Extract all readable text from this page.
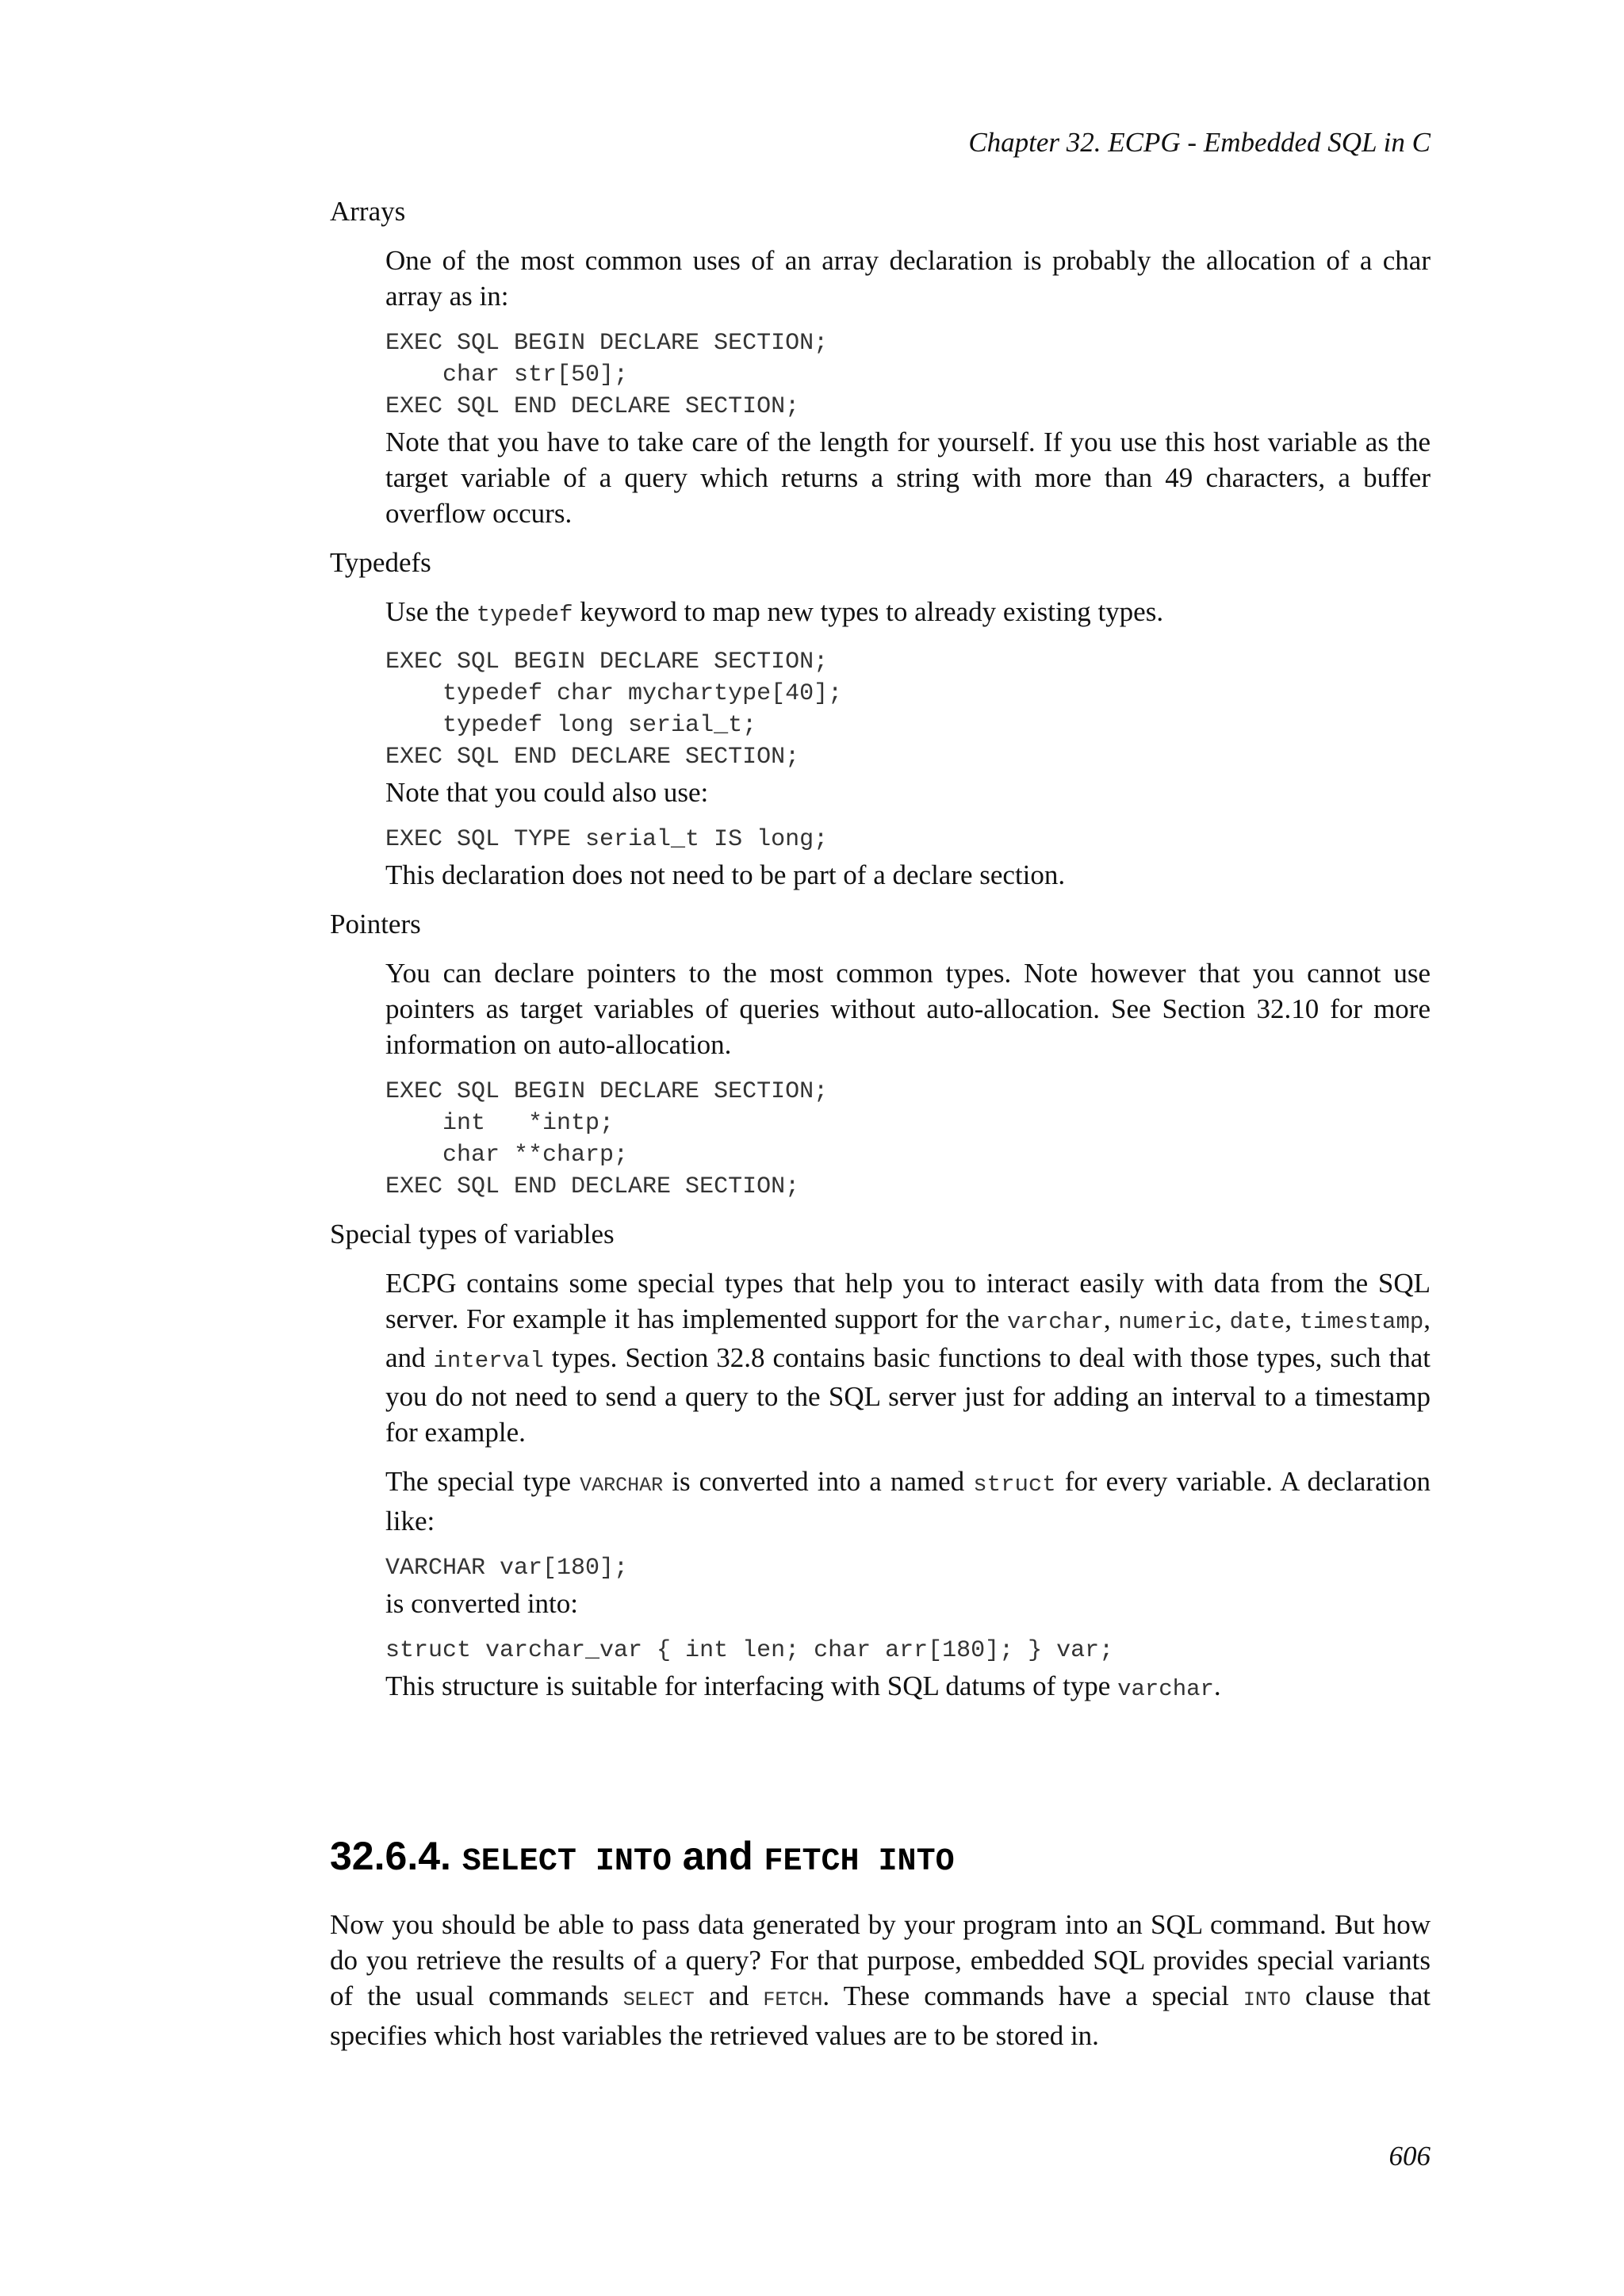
Chapter 32. ECPG - Embedded SQL in C
Arrays

One of the most common uses of an array declaration is probably the allocation of a char array as in:

EXEC SQL BEGIN DECLARE SECTION;
char str[50];
EXEC SQL END DECLARE SECTION;

Note that you have to take care of the length for yourself. If you use this host variable as the target variable of a query which returns a string with more than 49 characters, a buffer overflow occurs.

Typedefs

Use the typedef keyword to map new types to already existing types.

EXEC SQL BEGIN DECLARE SECTION;
typedef char mychartype[40];
typedef long serial_t;
EXEC SQL END DECLARE SECTION;

Note that you could also use:

EXEC SQL TYPE serial_t IS long;

This declaration does not need to be part of a declare section.

Pointers

You can declare pointers to the most common types. Note however that you cannot use pointers as target variables of queries without auto-allocation. See Section 32.10 for more information on auto-allocation.

EXEC SQL BEGIN DECLARE SECTION;
int   *intp;
char **charp;
EXEC SQL END DECLARE SECTION;
Special types of variables

ECPG contains some special types that help you to interact easily with data from the SQL server. For example it has implemented support for the varchar, numeric, date, timestamp, and interval types. Section 32.8 contains basic functions to deal with those types, such that you do not need to send a query to the SQL server just for adding an interval to a timestamp for example.

The special type VARCHAR is converted into a named struct for every variable. A declaration like:

VARCHAR var[180];

is converted into:

struct varchar_var { int len; char arr[180]; } var;

This structure is suitable for interfacing with SQL datums of type varchar.

32.6.4. SELECT INTO and FETCH INTO

Now you should be able to pass data generated by your program into an SQL command. But how do you retrieve the results of a query? For that purpose, embedded SQL provides special variants of the usual commands SELECT and FETCH. These commands have a special INTO clause that specifies which host variables the retrieved values are to be stored in.

606
